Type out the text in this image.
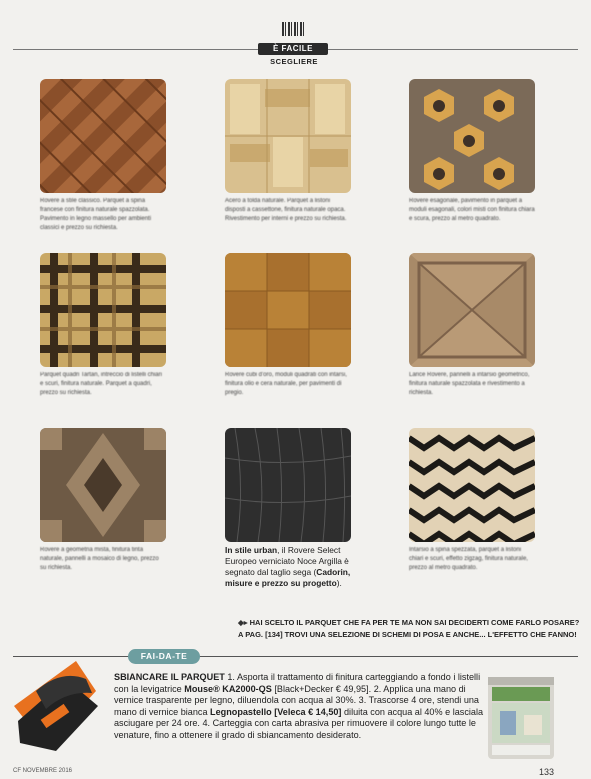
È FACILE
SCEGLIERE
Rovere a stile classico. Parquet a spina francese con finitura naturale spazzolata. Pavimento in legno massello per ambienti classici e prezzo su richiesta.
Acero a tolda naturale. Parquet a listoni disposti a cassettone, finitura naturale opaca. Rivestimento per interni e prezzo su richiesta.
Rovere esagonale, pavimento in parquet a moduli esagonali, colori misti con finitura chiara e scura, prezzo al metro quadrato.
Parquet quadri Tartan, intreccio di listelli chiari e scuri, finitura naturale. Parquet a quadri, prezzo su richiesta.
Rovere cubi d'oro, moduli quadrati con intarsi, finitura olio e cera naturale, per pavimenti di pregio.
Larice Rovere, pannelli a intarsio geometrico, finitura naturale spazzolata e rivestimento a richiesta.
Rovere a geometria mista, finitura tinta naturale, pannelli a mosaico di legno, prezzo su richiesta.
In stile urban, il Rovere Select Europeo verniciato Noce Argilla è segnato dal taglio sega (Cadorin, misure e prezzo su progetto).
Intarsio a spina spezzata, parquet a listoni chiari e scuri, effetto zigzag, finitura naturale, prezzo al metro quadrato.
◆▸ HAI SCELTO IL PARQUET CHE FA PER TE MA NON SAI DECIDERTI COME FARLO POSARE?
A PAG. [134] TROVI UNA SELEZIONE DI SCHEMI DI POSA E ANCHE... L'EFFETTO CHE FANNO!
FAI-DA-TE
SBIANCARE IL PARQUET 1. Asporta il trattamento di finitura carteggiando a fondo i listelli con la levigatrice Mouse® KA2000-QS [Black+Decker € 49,95]. 2. Applica una mano di vernice trasparente per legno, diluendola con acqua al 30%. 3. Trascorse 4 ore, stendi una mano di vernice bianca Legnopastello [Veleca € 14,50] diluita con acqua al 40% e lasciala asciugare per 24 ore. 4. Carteggia con carta abrasiva per rimuovere il colore lungo tutte le venature, fino a ottenere il grado di sbiancamento desiderato.
CF NOVEMBRE 2016	133
